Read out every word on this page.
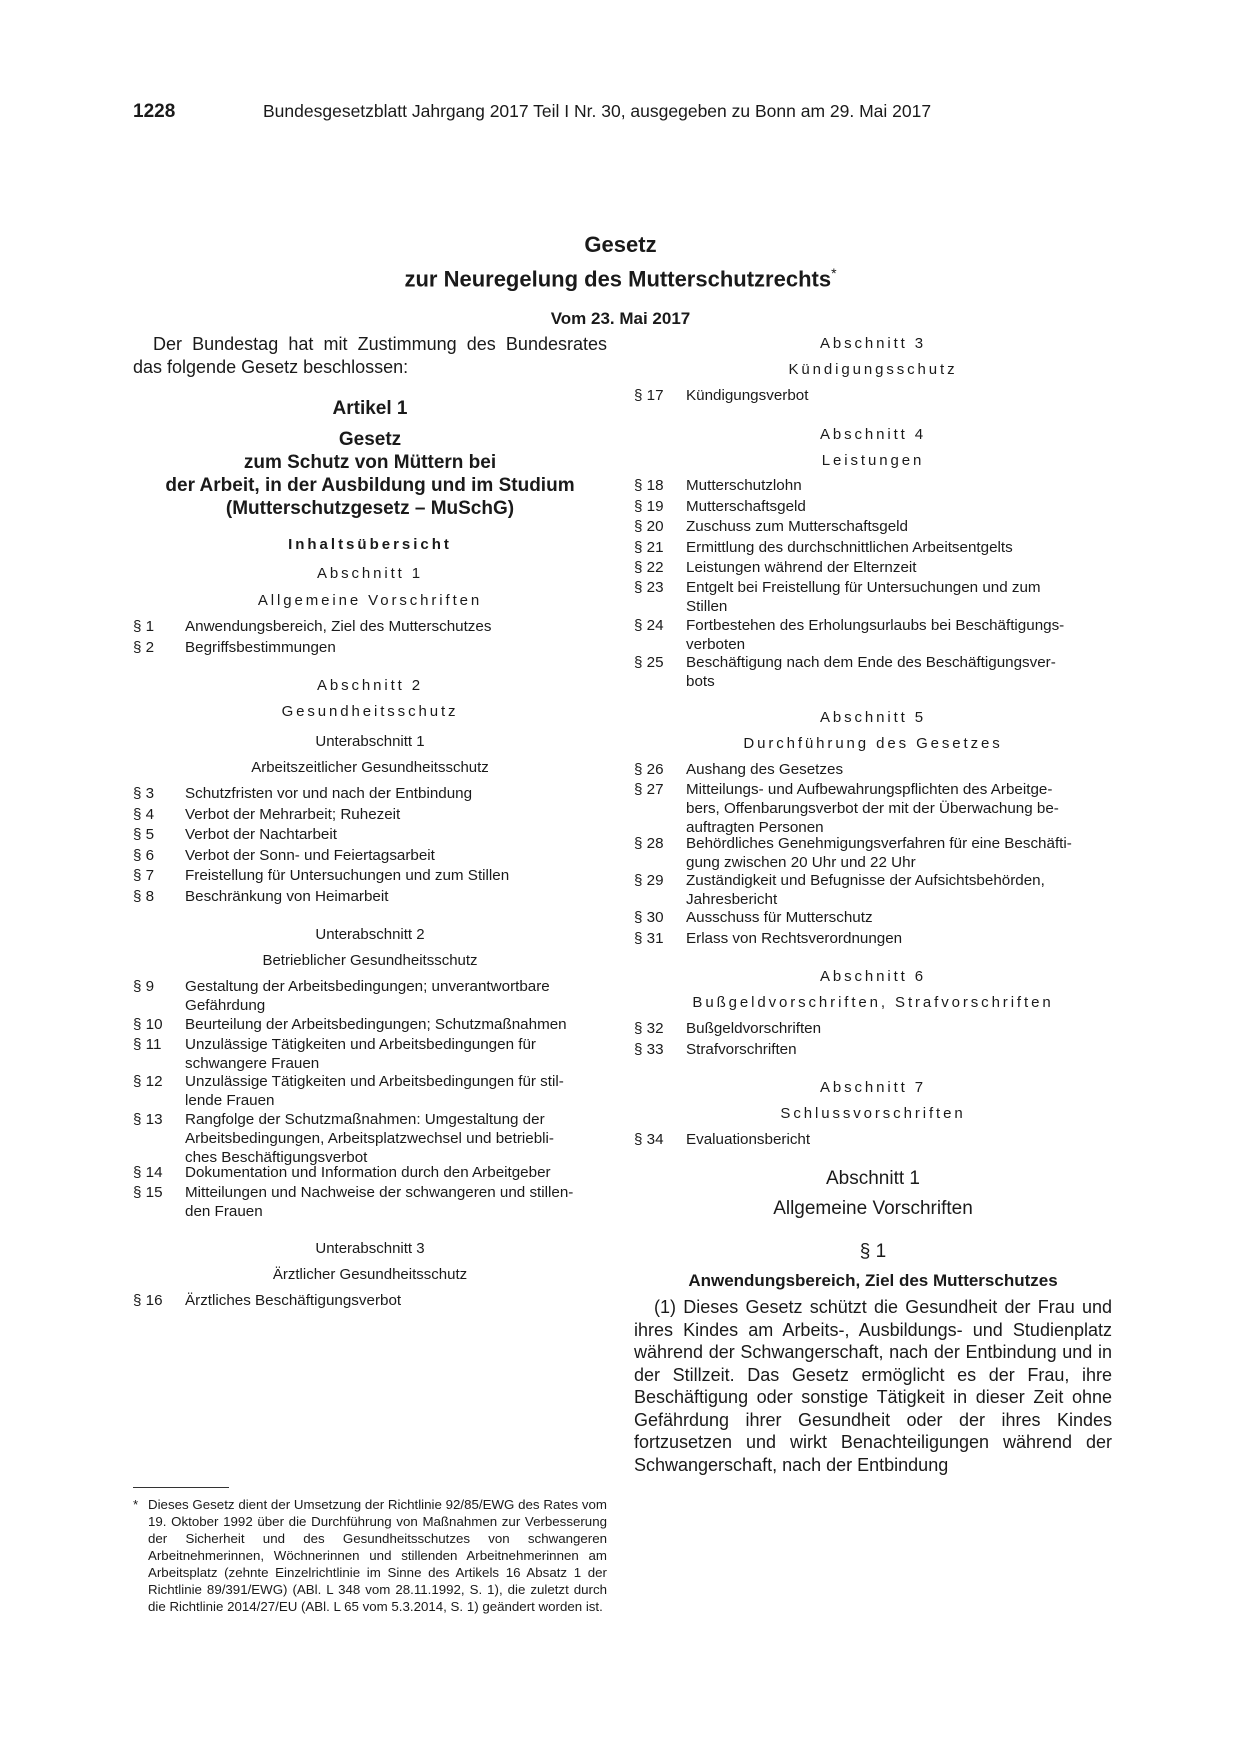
1228	Bundesgesetzblatt Jahrgang 2017 Teil I Nr. 30, ausgegeben zu Bonn am 29. Mai 2017
Gesetz
zur Neuregelung des Mutterschutzrechts*
Vom 23. Mai 2017
Der Bundestag hat mit Zustimmung des Bundesrates das folgende Gesetz beschlossen:
Artikel 1
Gesetz
zum Schutz von Müttern bei
der Arbeit, in der Ausbildung und im Studium
(Mutterschutzgesetz – MuSchG)
Inhaltsübersicht
Abschnitt 1
Allgemeine Vorschriften
§ 1	Anwendungsbereich, Ziel des Mutterschutzes
§ 2	Begriffsbestimmungen
Abschnitt 2
Gesundheitsschutz
Unterabschnitt 1
Arbeitszeitlicher Gesundheitsschutz
§ 3	Schutzfristen vor und nach der Entbindung
§ 4	Verbot der Mehrarbeit; Ruhezeit
§ 5	Verbot der Nachtarbeit
§ 6	Verbot der Sonn- und Feiertagsarbeit
§ 7	Freistellung für Untersuchungen und zum Stillen
§ 8	Beschränkung von Heimarbeit
Unterabschnitt 2
Betrieblicher Gesundheitsschutz
§ 9	Gestaltung der Arbeitsbedingungen; unverantwortbare
Gefährdung
§ 10	Beurteilung der Arbeitsbedingungen; Schutzmaßnahmen
§ 11	Unzulässige Tätigkeiten und Arbeitsbedingungen für
schwangere Frauen
§ 12	Unzulässige Tätigkeiten und Arbeitsbedingungen für stil-
lende Frauen
§ 13	Rangfolge der Schutzmaßnahmen: Umgestaltung der
Arbeitsbedingungen, Arbeitsplatzwechsel und betriebli-
ches Beschäftigungsverbot
§ 14	Dokumentation und Information durch den Arbeitgeber
§ 15	Mitteilungen und Nachweise der schwangeren und stillen-
den Frauen
Unterabschnitt 3
Ärztlicher Gesundheitsschutz
§ 16	Ärztliches Beschäftigungsverbot
Abschnitt 3
Kündigungsschutz
§ 17	Kündigungsverbot
Abschnitt 4
Leistungen
§ 18	Mutterschutzlohn
§ 19	Mutterschaftsgeld
§ 20	Zuschuss zum Mutterschaftsgeld
§ 21	Ermittlung des durchschnittlichen Arbeitsentgelts
§ 22	Leistungen während der Elternzeit
§ 23	Entgelt bei Freistellung für Untersuchungen und zum
Stillen
§ 24	Fortbestehen des Erholungsurlaubs bei Beschäftigungs-
verboten
§ 25	Beschäftigung nach dem Ende des Beschäftigungsver-
bots
Abschnitt 5
Durchführung des Gesetzes
§ 26	Aushang des Gesetzes
§ 27	Mitteilungs- und Aufbewahrungspflichten des Arbeitge-
bers, Offenbarungsverbot der mit der Überwachung be-
auftragten Personen
§ 28	Behördliches Genehmigungsverfahren für eine Beschäfti-
gung zwischen 20 Uhr und 22 Uhr
§ 29	Zuständigkeit und Befugnisse der Aufsichtsbehörden,
Jahresbericht
§ 30	Ausschuss für Mutterschutz
§ 31	Erlass von Rechtsverordnungen
Abschnitt 6
Bußgeldvorschriften, Strafvorschriften
§ 32	Bußgeldvorschriften
§ 33	Strafvorschriften
Abschnitt 7
Schlussvorschriften
§ 34	Evaluationsbericht
Abschnitt 1
Allgemeine Vorschriften
§ 1
Anwendungsbereich, Ziel des Mutterschutzes
(1) Dieses Gesetz schützt die Gesundheit der Frau und ihres Kindes am Arbeits-, Ausbildungs- und Studienplatz während der Schwangerschaft, nach der Entbindung und in der Stillzeit. Das Gesetz ermöglicht es der Frau, ihre Beschäftigung oder sonstige Tätigkeit in dieser Zeit ohne Gefährdung ihrer Gesundheit oder der ihres Kindes fortzusetzen und wirkt Benachteiligungen während der Schwangerschaft, nach der Entbindung
* Dieses Gesetz dient der Umsetzung der Richtlinie 92/85/EWG des Rates vom 19. Oktober 1992 über die Durchführung von Maßnahmen zur Verbesserung der Sicherheit und des Gesundheitsschutzes von schwangeren Arbeitnehmerinnen, Wöchnerinnen und stillenden Arbeitnehmerinnen am Arbeitsplatz (zehnte Einzelrichtlinie im Sinne des Artikels 16 Absatz 1 der Richtlinie 89/391/EWG) (ABl. L 348 vom 28.11.1992, S. 1), die zuletzt durch die Richtlinie 2014/27/EU (ABl. L 65 vom 5.3.2014, S. 1) geändert worden ist.
